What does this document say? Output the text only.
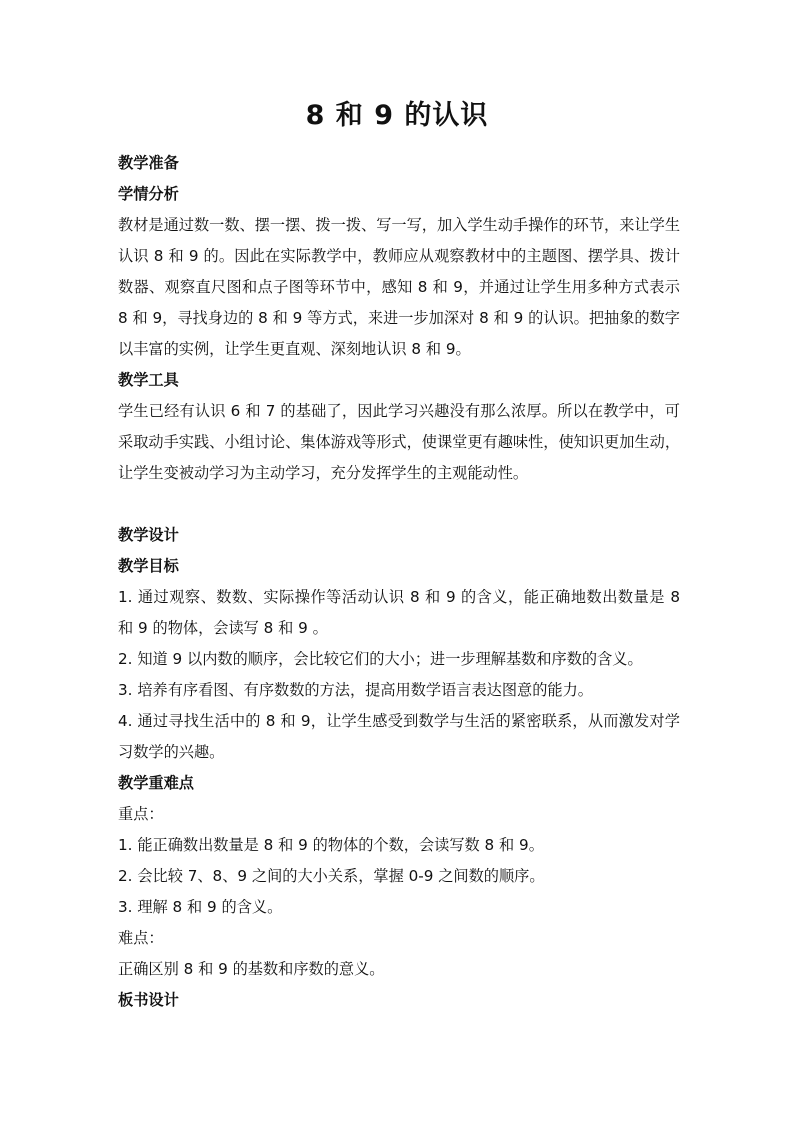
8 和 9 的认识

教学准备

学情分析

教材是通过数一数、摆一摆、拨一拨、写一写，加入学生动手操作的环节，来让学生认识 8 和 9 的。因此在实际教学中，教师应从观察教材中的主题图、摆学具、拨计数器、观察直尺图和点子图等环节中，感知 8 和 9，并通过让学生用多种方式表示 8 和 9，寻找身边的 8 和 9 等方式，来进一步加深对 8 和 9 的认识。把抽象的数字以丰富的实例，让学生更直观、深刻地认识 8 和 9。

教学工具

学生已经有认识 6 和 7 的基础了，因此学习兴趣没有那么浓厚。所以在教学中，可采取动手实践、小组讨论、集体游戏等形式，使课堂更有趣味性，使知识更加生动，让学生变被动学习为主动学习，充分发挥学生的主观能动性。

教学设计

教学目标

1. 通过观察、数数、实际操作等活动认识 8 和 9 的含义，能正确地数出数量是 8 和 9 的物体，会读写 8 和 9 。

2. 知道 9 以内数的顺序，会比较它们的大小；进一步理解基数和序数的含义。

3. 培养有序看图、有序数数的方法，提高用数学语言表达图意的能力。

4. 通过寻找生活中的 8 和 9，让学生感受到数学与生活的紧密联系，从而激发对学习数学的兴趣。

教学重难点

重点：

1. 能正确数出数量是 8 和 9 的物体的个数，会读写数 8 和 9。

2. 会比较 7、8、9 之间的大小关系，掌握 0-9 之间数的顺序。

3. 理解 8 和 9 的含义。

难点：

正确区别 8 和 9 的基数和序数的意义。

板书设计
